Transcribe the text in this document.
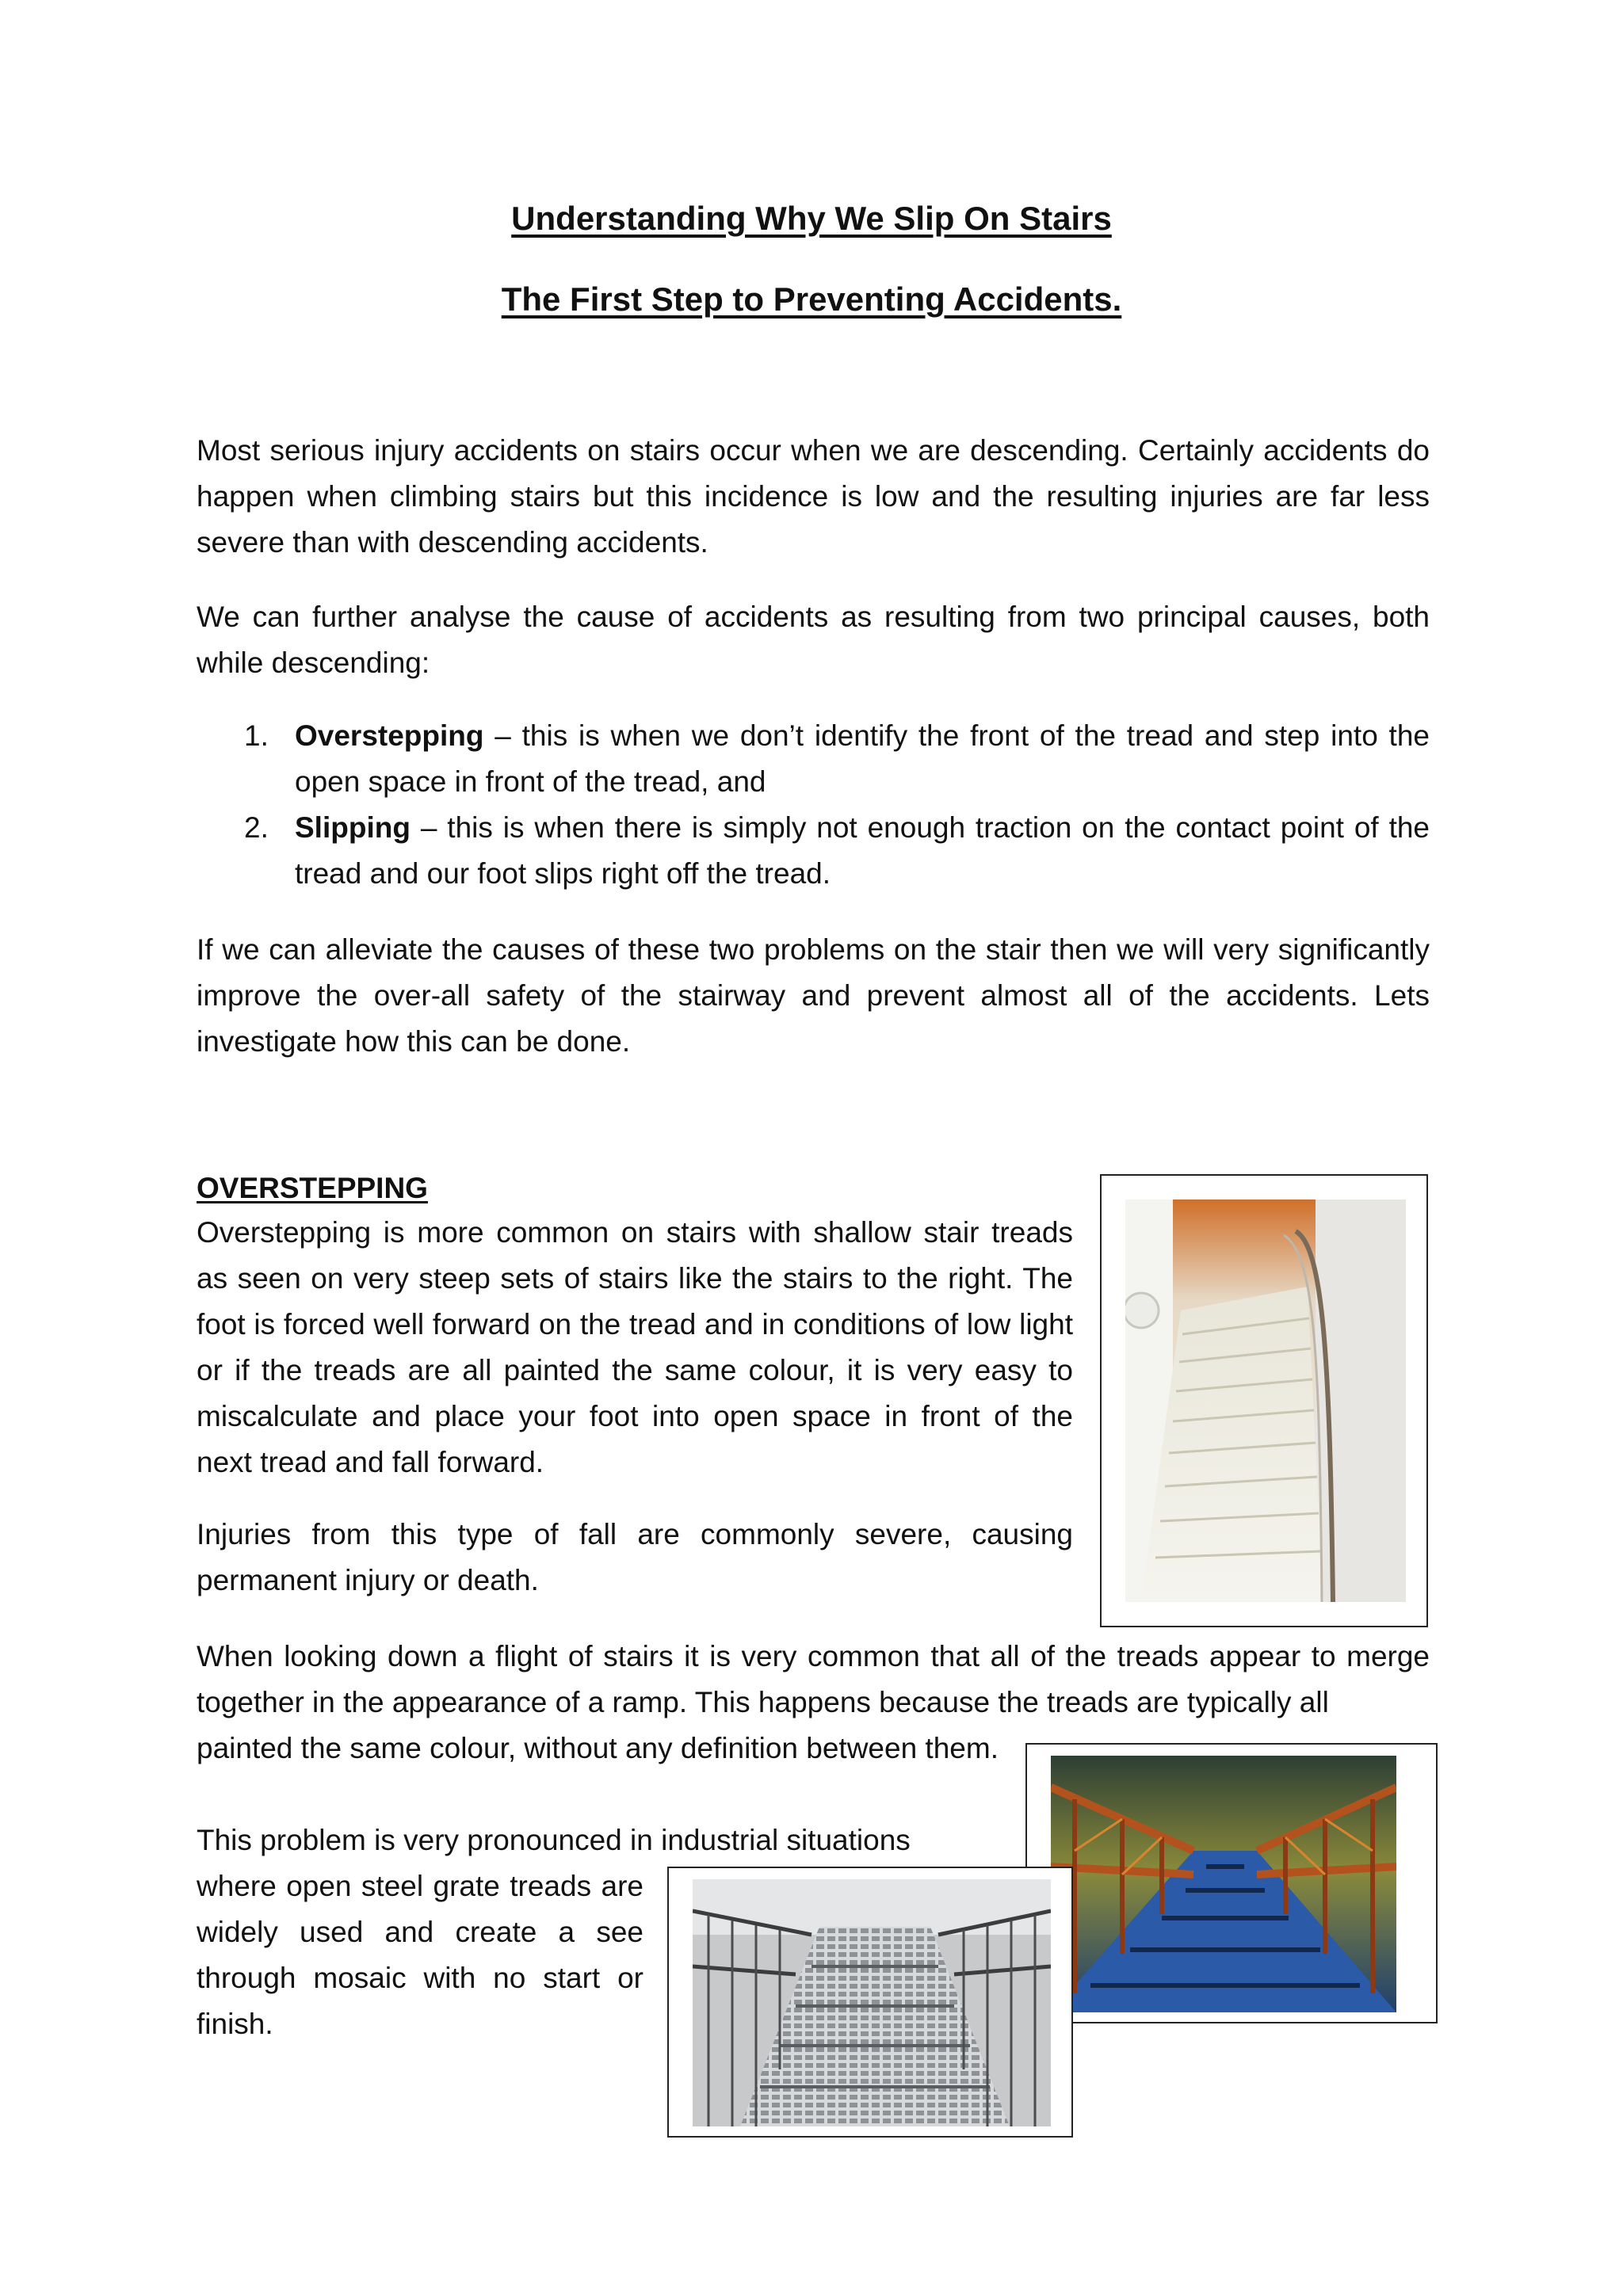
Understanding Why We Slip On Stairs
The First Step to Preventing Accidents.

Most serious injury accidents on stairs occur when we are descending. Certainly accidents do happen when climbing stairs but this incidence is low and the resulting injuries are far less severe than with descending accidents.

We can further analyse the cause of accidents as resulting from two principal causes, both while descending:

1. Overstepping – this is when we don’t identify the front of the tread and step into the open space in front of the tread, and
2. Slipping – this is when there is simply not enough traction on the contact point of the tread and our foot slips right off the tread.

If we can alleviate the causes of these two problems on the stair then we will very significantly improve the over-all safety of the stairway and prevent almost all of the accidents. Lets investigate how this can be done.

OVERSTEPPING

Overstepping is more common on stairs with shallow stair treads as seen on very steep sets of stairs like the stairs to the right. The foot is forced well forward on the tread and in conditions of low light or if the treads are all painted the same colour, it is very easy to miscalculate and place your foot into open space in front of the next tread and fall forward.

Injuries from this type of fall are commonly severe, causing permanent injury or death.

When looking down a flight of stairs it is very common that all of the treads appear to merge together in the appearance of a ramp. This happens because the treads are typically all

painted the same colour, without any definition between them.

This problem is very pronounced in industrial situations

where open steel grate treads are widely used and create a see through mosaic with no start or finish.
